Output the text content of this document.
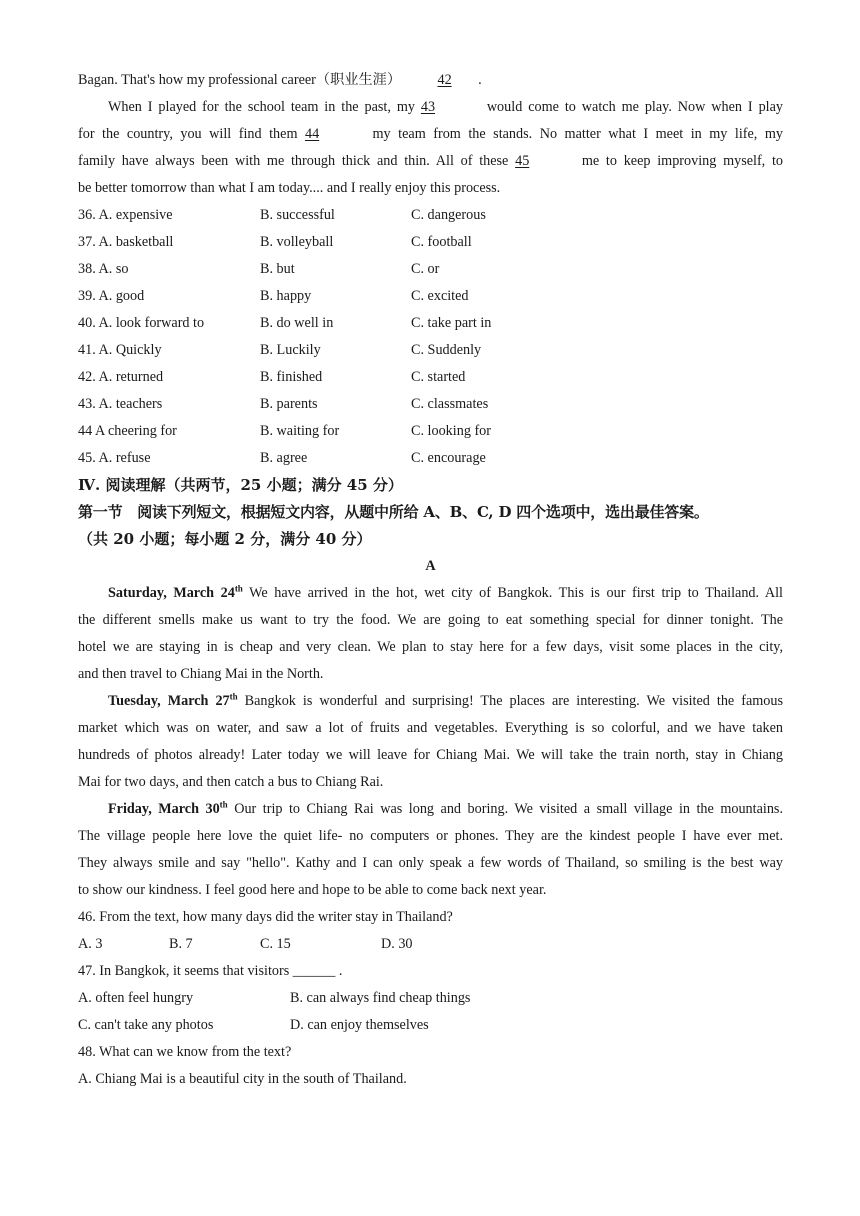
Bagan. That's how my professional career（职业生涯）	42 .
When I played for the school team in the past, my 43	would come to watch me play. Now when I play
for the country, you will find them 44	my team from the stands. No matter what I meet in my life, my
family have always been with me through thick and thin. All of these 45	me to keep improving myself, to
be better tomorrow than what I am today.... and I really enjoy this process.
36. A. expensive	B. successful	C. dangerous
37. A. basketball	B. volleyball	C. football
38. A. so	B. but	C. or
39. A. good	B. happy	C. excited
40. A. look forward to	B. do well in	C. take part in
41. A. Quickly	B. Luckily	C. Suddenly
42. A. returned	B. finished	C. started
43. A. teachers	B. parents	C. classmates
44 A cheering for	B. waiting for	C. looking for
45. A. refuse	B. agree	C. encourage
Ⅳ. 阅读理解（共两节，25 小题；满分 45 分）
第一节　阅读下列短文，根据短文内容，从题中所给 A、B、C, D 四个选项中，选出最佳答案。
（共 20 小题；每小题 2 分，满分 40 分）
A
Saturday, March 24th We have arrived in the hot, wet city of Bangkok. This is our first trip to Thailand. All
the different smells make us want to try the food. We are going to eat something special for dinner tonight. The
hotel we are staying in is cheap and very clean. We plan to stay here for a few days, visit some places in the city,
and then travel to Chiang Mai in the North.
Tuesday, March 27th Bangkok is wonderful and surprising! The places are interesting. We visited the famous
market which was on water, and saw a lot of fruits and vegetables. Everything is so colorful, and we have taken
hundreds of photos already! Later today we will leave for Chiang Mai. We will take the train north, stay in Chiang
Mai for two days, and then catch a bus to Chiang Rai.
Friday, March 30th Our trip to Chiang Rai was long and boring. We visited a small village in the mountains.
The village people here love the quiet life- no computers or phones. They are the kindest people I have ever met.
They always smile and say "hello". Kathy and I can only speak a few words of Thailand, so smiling is the best way
to show our kindness. I feel good here and hope to be able to come back next year.
46. From the text, how many days did the writer stay in Thailand?
A. 3	B. 7	C. 15	D. 30
47. In Bangkok, it seems that visitors ______ .
A. often feel hungry	B. can always find cheap things
C. can't take any photos	D. can enjoy themselves
48. What can we know from the text?
A. Chiang Mai is a beautiful city in the south of Thailand.
